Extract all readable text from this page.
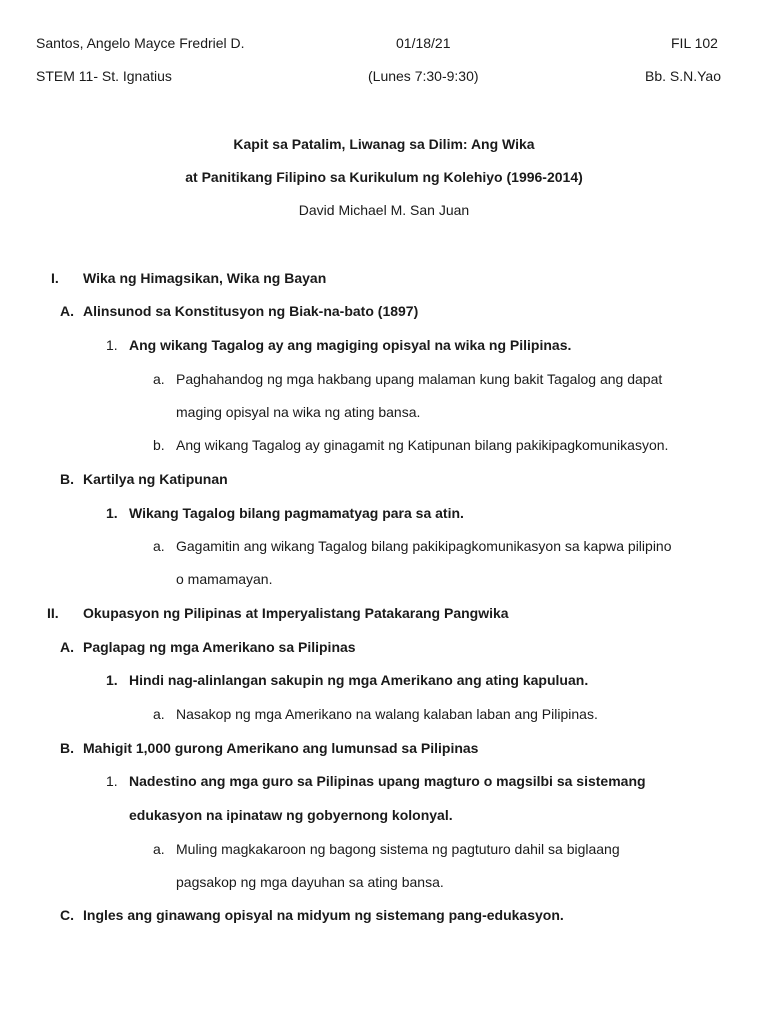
Santos, Angelo Mayce Fredriel D.	01/18/21	FIL 102
STEM 11- St. Ignatius	(Lunes 7:30-9:30)	Bb. S.N.Yao
Kapit sa Patalim, Liwanag sa Dilim: Ang Wika
at Panitikang Filipino sa Kurikulum ng Kolehiyo (1996-2014)
David Michael M. San Juan
I. Wika ng Himagsikan, Wika ng Bayan
A. Alinsunod sa Konstitusyon ng Biak-na-bato (1897)
1. Ang wikang Tagalog ay ang magiging opisyal na wika ng Pilipinas.
a. Paghahandog ng mga hakbang upang malaman kung bakit Tagalog ang dapat
maging opisyal na wika ng ating bansa.
b. Ang wikang Tagalog ay ginagamit ng Katipunan bilang pakikipagkomunikasyon.
B. Kartilya ng Katipunan
1. Wikang Tagalog bilang pagmamatyag para sa atin.
a. Gagamitin ang wikang Tagalog bilang pakikipagkomunikasyon sa kapwa pilipino
o mamamayan.
II. Okupasyon ng Pilipinas at Imperyalistang Patakarang Pangwika
A. Paglapag ng mga Amerikano sa Pilipinas
1. Hindi nag-alinlangan sakupin ng mga Amerikano ang ating kapuluan.
a. Nasakop ng mga Amerikano na walang kalaban laban ang Pilipinas.
B. Mahigit 1,000 gurong Amerikano ang lumunsad sa Pilipinas
1. Nadestino ang mga guro sa Pilipinas upang magturo o magsilbi sa sistemang
edukasyon na ipinataw ng gobyernong kolonyal.
a. Muling magkakaroon ng bagong sistema ng pagtuturo dahil sa biglaang
pagsakop ng mga dayuhan sa ating bansa.
C. Ingles ang ginawang opisyal na midyum ng sistemang pang-edukasyon.
